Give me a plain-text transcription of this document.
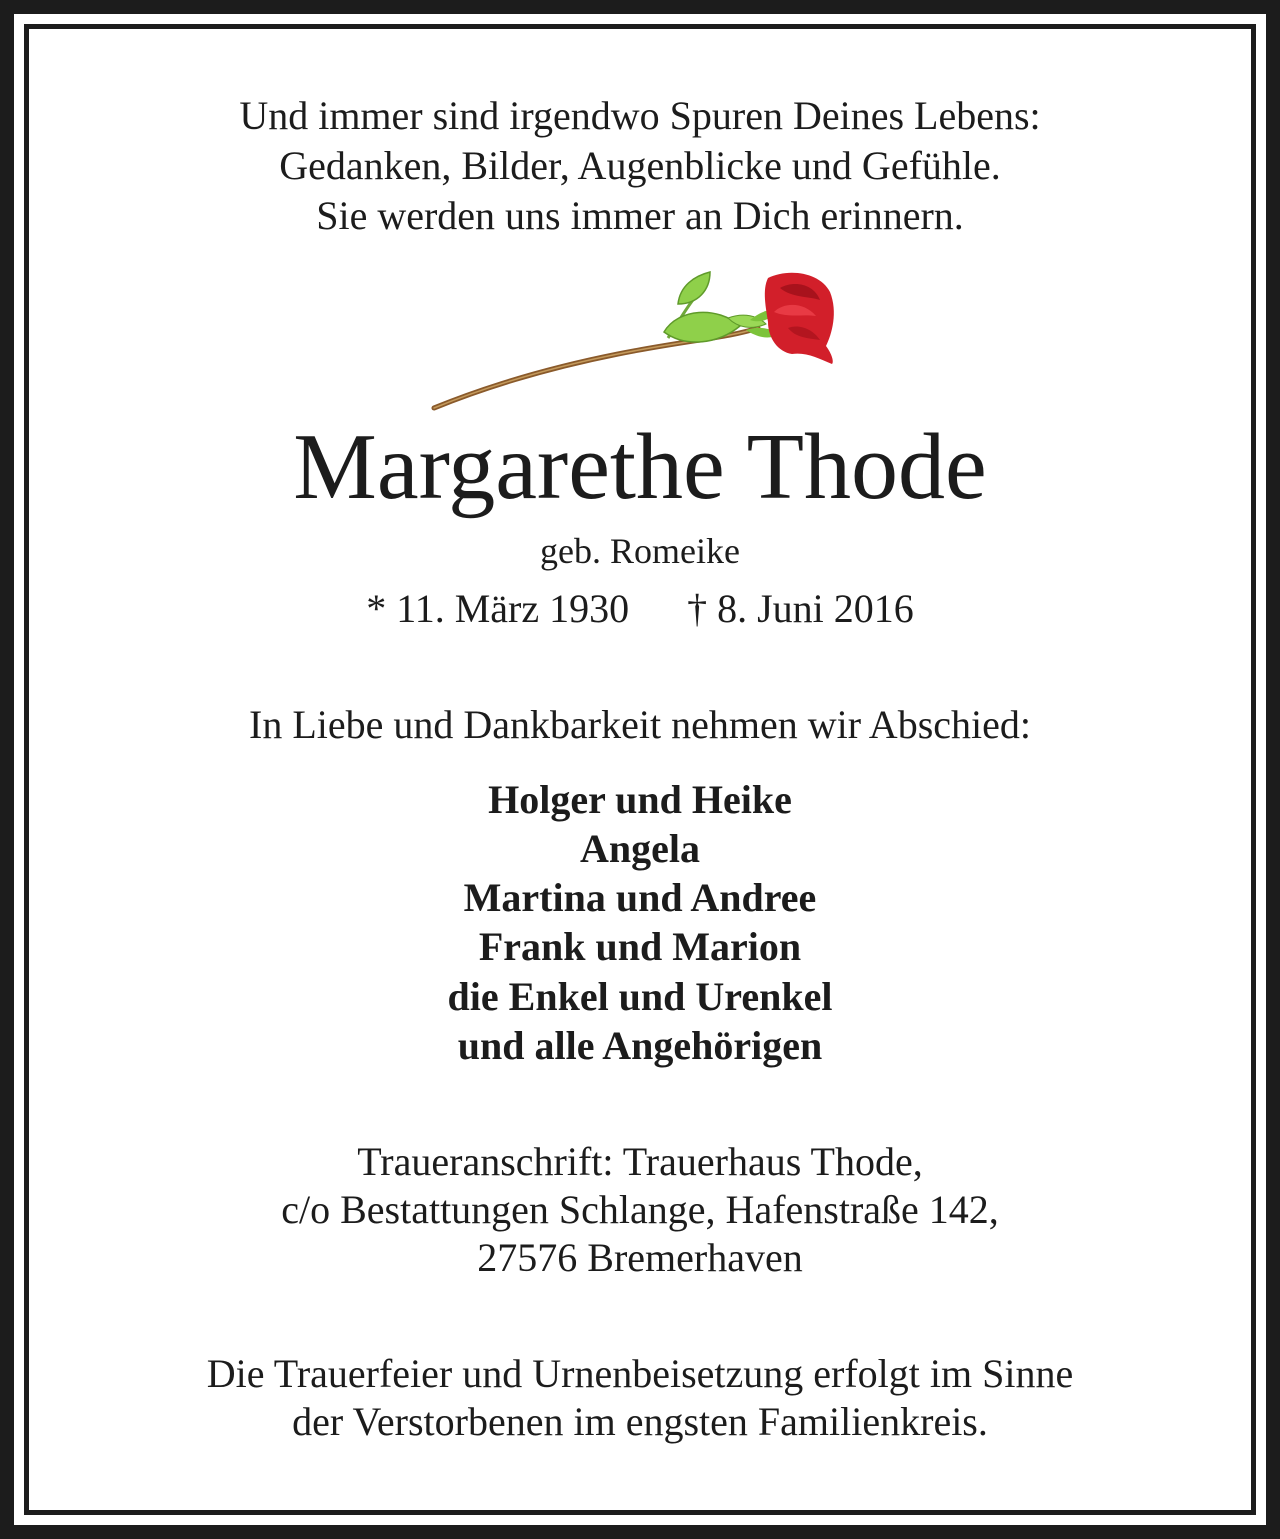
Und immer sind irgendwo Spuren Deines Lebens:
Gedanken, Bilder, Augenblicke und Gefühle.
Sie werden uns immer an Dich erinnern.
Margarethe Thode
geb. Romeike
* 11. März 1930 † 8. Juni 2016
In Liebe und Dankbarkeit nehmen wir Abschied:
Holger und Heike
Angela
Martina und Andree
Frank und Marion
die Enkel und Urenkel
und alle Angehörigen
Traueranschrift: Trauerhaus Thode,
c/o Bestattungen Schlange, Hafenstraße 142,
27576 Bremerhaven
Die Trauerfeier und Urnenbeisetzung erfolgt im Sinne
der Verstorbenen im engsten Familienkreis.
